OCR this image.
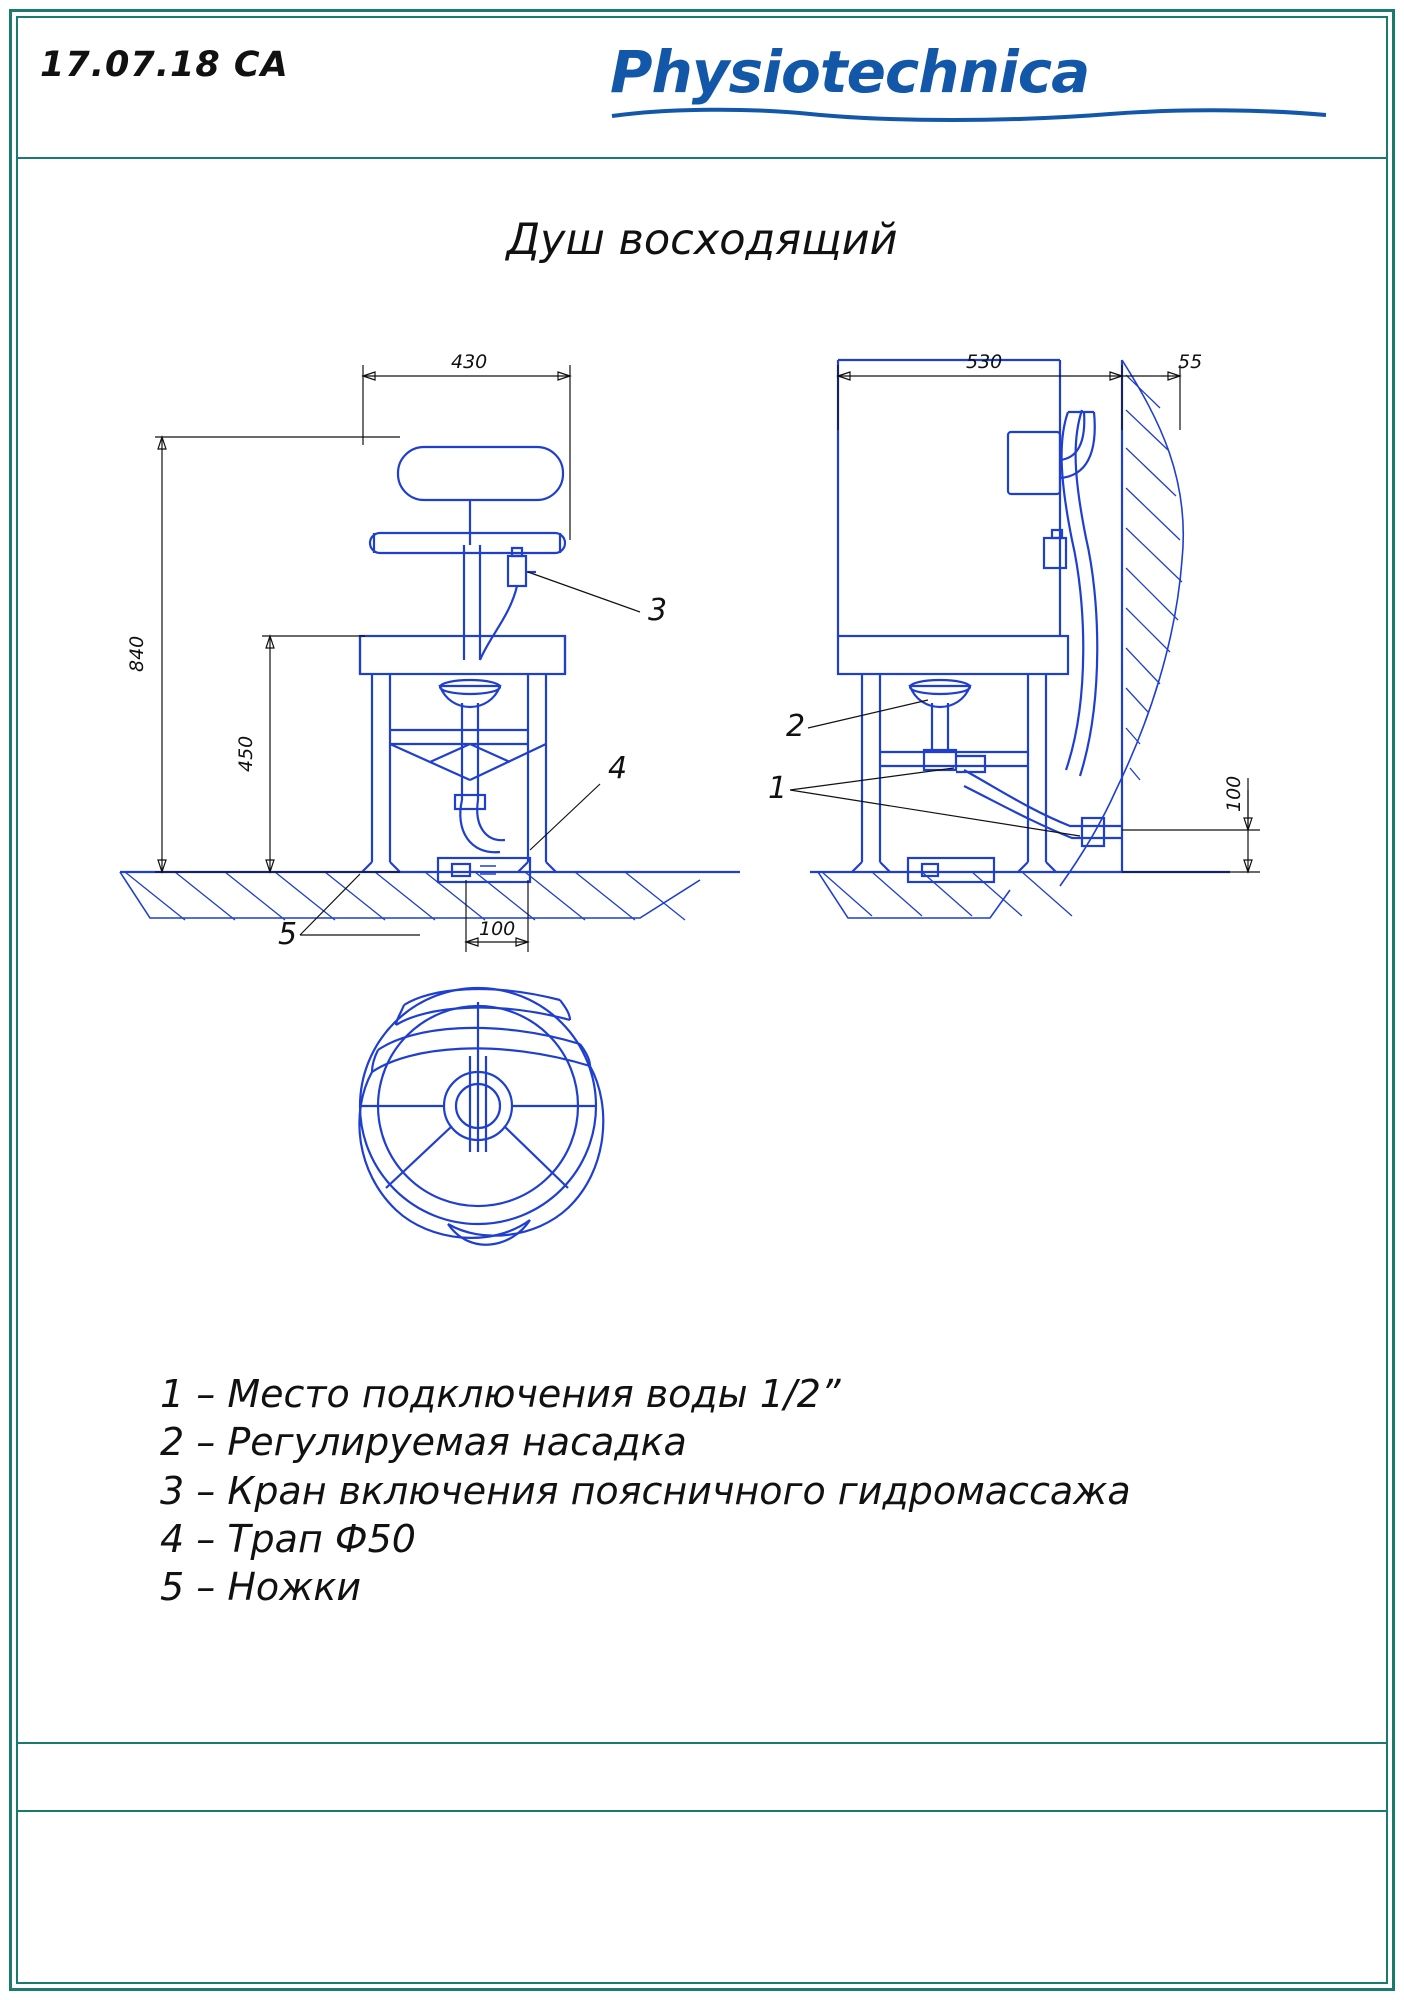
17.07.18 CA	Physiotechnica
Душ восходящий
430
840
450
100
3
4
5
530	55
100
2
1
1 – Место подключения воды 1/2”
2 – Регулируемая насадка
3 – Кран включения поясничного гидромассажа
4 – Трап Ф50
5 – Ножки
